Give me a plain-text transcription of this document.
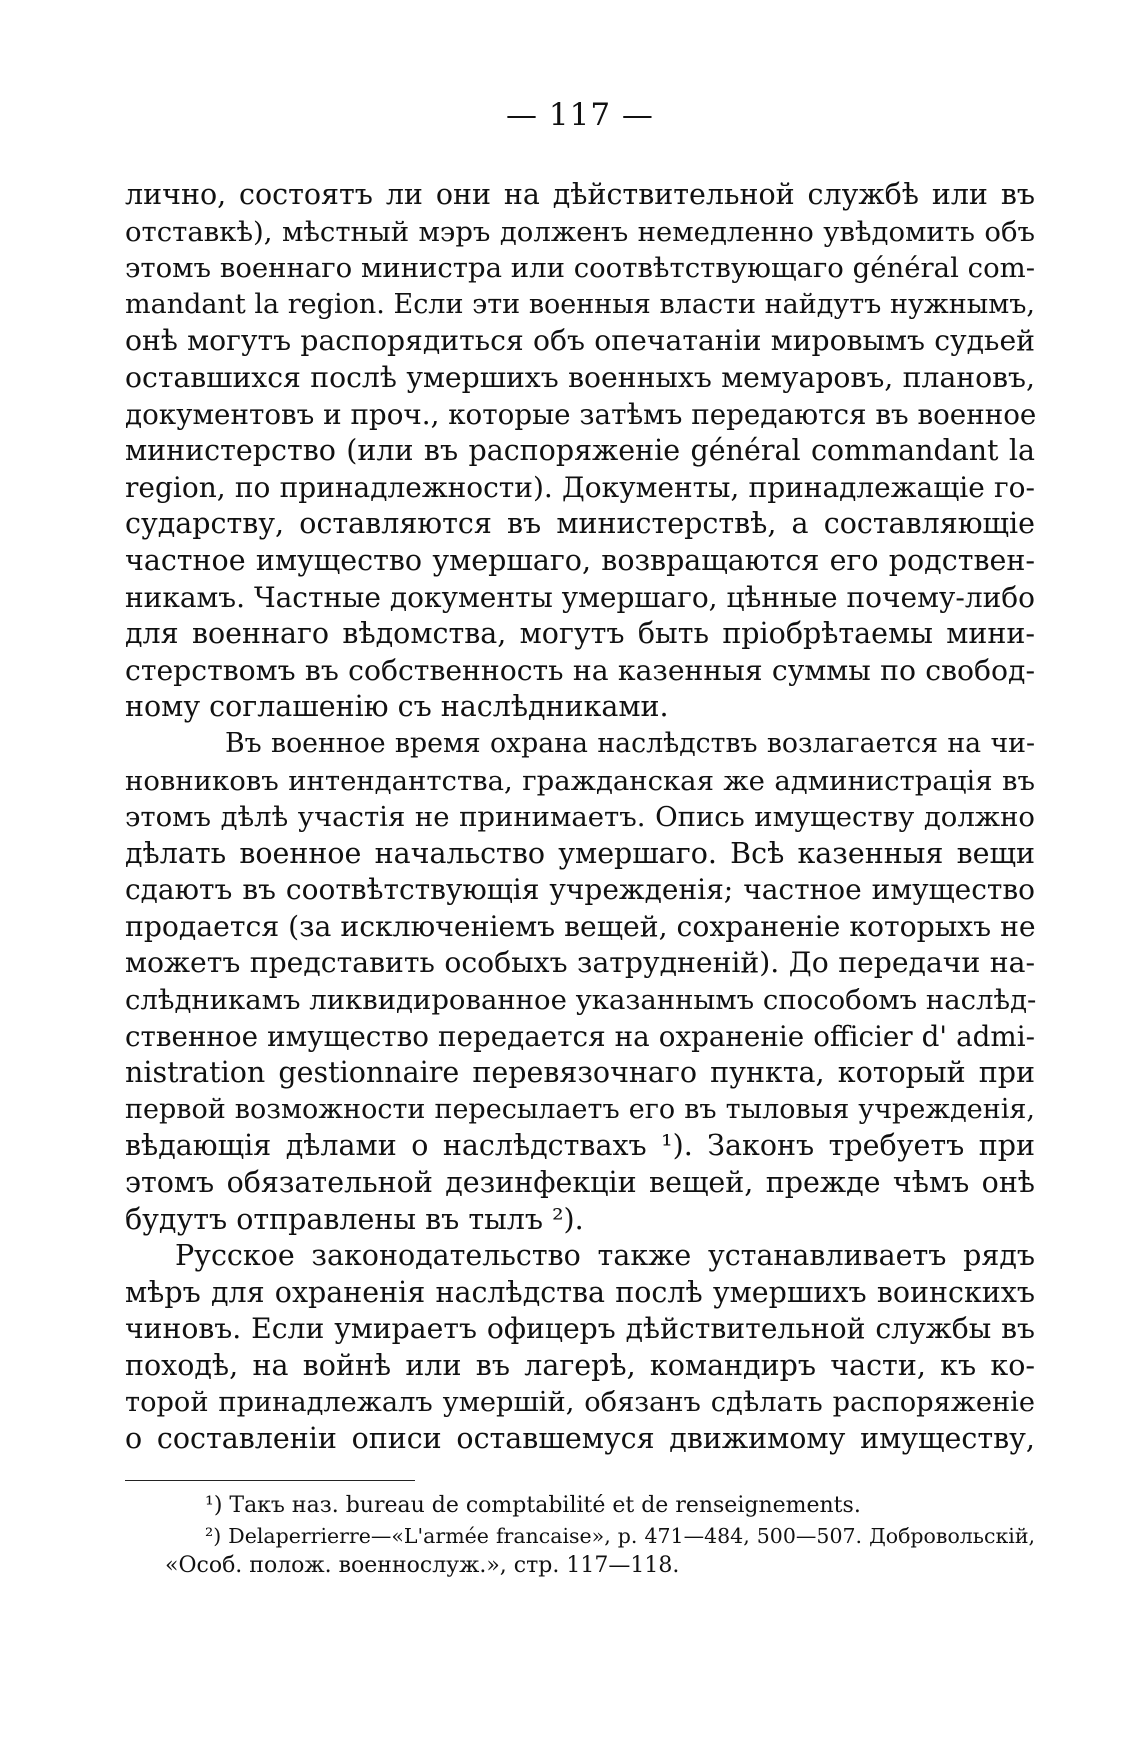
— 117 —
лично, состоятъ ли они на дѣйствительной службѣ или въ
отставкѣ), мѣстный мэръ долженъ немедленно увѣдомить объ
этомъ военнаго министра или соотвѣтствующаго général com-
mandant la region. Если эти военныя власти найдутъ нужнымъ,
онѣ могутъ распорядиться объ опечатанiи мировымъ судьей
оставшихся послѣ умершихъ военныхъ мемуаровъ, плановъ,
документовъ и проч., которые затѣмъ передаются въ военное
министерство (или въ распоряженiе général commandant la
region, по принадлежности). Документы, принадлежащiе го-
сударству, оставляются въ министерствѣ, а составляющiе
частное имущество умершаго, возвращаются его родствен-
никамъ. Частные документы умершаго, цѣнные почему-либо
для военнаго вѣдомства, могутъ быть прiобрѣтаемы мини-
стерствомъ въ собственность на казенныя суммы по свобод-
ному соглашенiю съ наслѣдниками.
Въ военное время охрана наслѣдствъ возлагается на чи-
новниковъ интендантства, гражданская же администрацiя въ
этомъ дѣлѣ участiя не принимаетъ. Опись имуществу должно
дѣлать военное начальство умершаго. Всѣ казенныя вещи
сдаютъ въ соотвѣтствующiя учрежденiя; частное имущество
продается (за исключенiемъ вещей, сохраненiе которыхъ не
можетъ представить особыхъ затрудненiй). До передачи на-
слѣдникамъ ликвидированное указаннымъ способомъ наслѣд-
ственное имущество передается на охраненiе officier d' admi-
nistration gestionnaire перевязочнаго пункта, который при
первой возможности пересылаетъ его въ тыловыя учрежденiя,
вѣдающiя дѣлами о наслѣдствахъ ¹). Законъ требуетъ при
этомъ обязательной дезинфекцiи вещей, прежде чѣмъ онѣ
будутъ отправлены въ тылъ ²).
Русское законодательство также устанавливаетъ рядъ
мѣръ для охраненiя наслѣдства послѣ умершихъ воинскихъ
чиновъ. Если умираетъ офицеръ дѣйствительной службы въ
походѣ, на войнѣ или въ лагерѣ, командиръ части, къ ко-
торой принадлежалъ умершiй, обязанъ сдѣлать распоряженiе
о составленiи описи оставшемуся движимому имуществу,
¹) Такъ наз. bureau de comptabilité et de renseignements.
²) Delaperrierre—«L'armée francaise», p. 471—484, 500—507. Добровольскiй,
«Особ. полож. военнослуж.», стр. 117—118.
